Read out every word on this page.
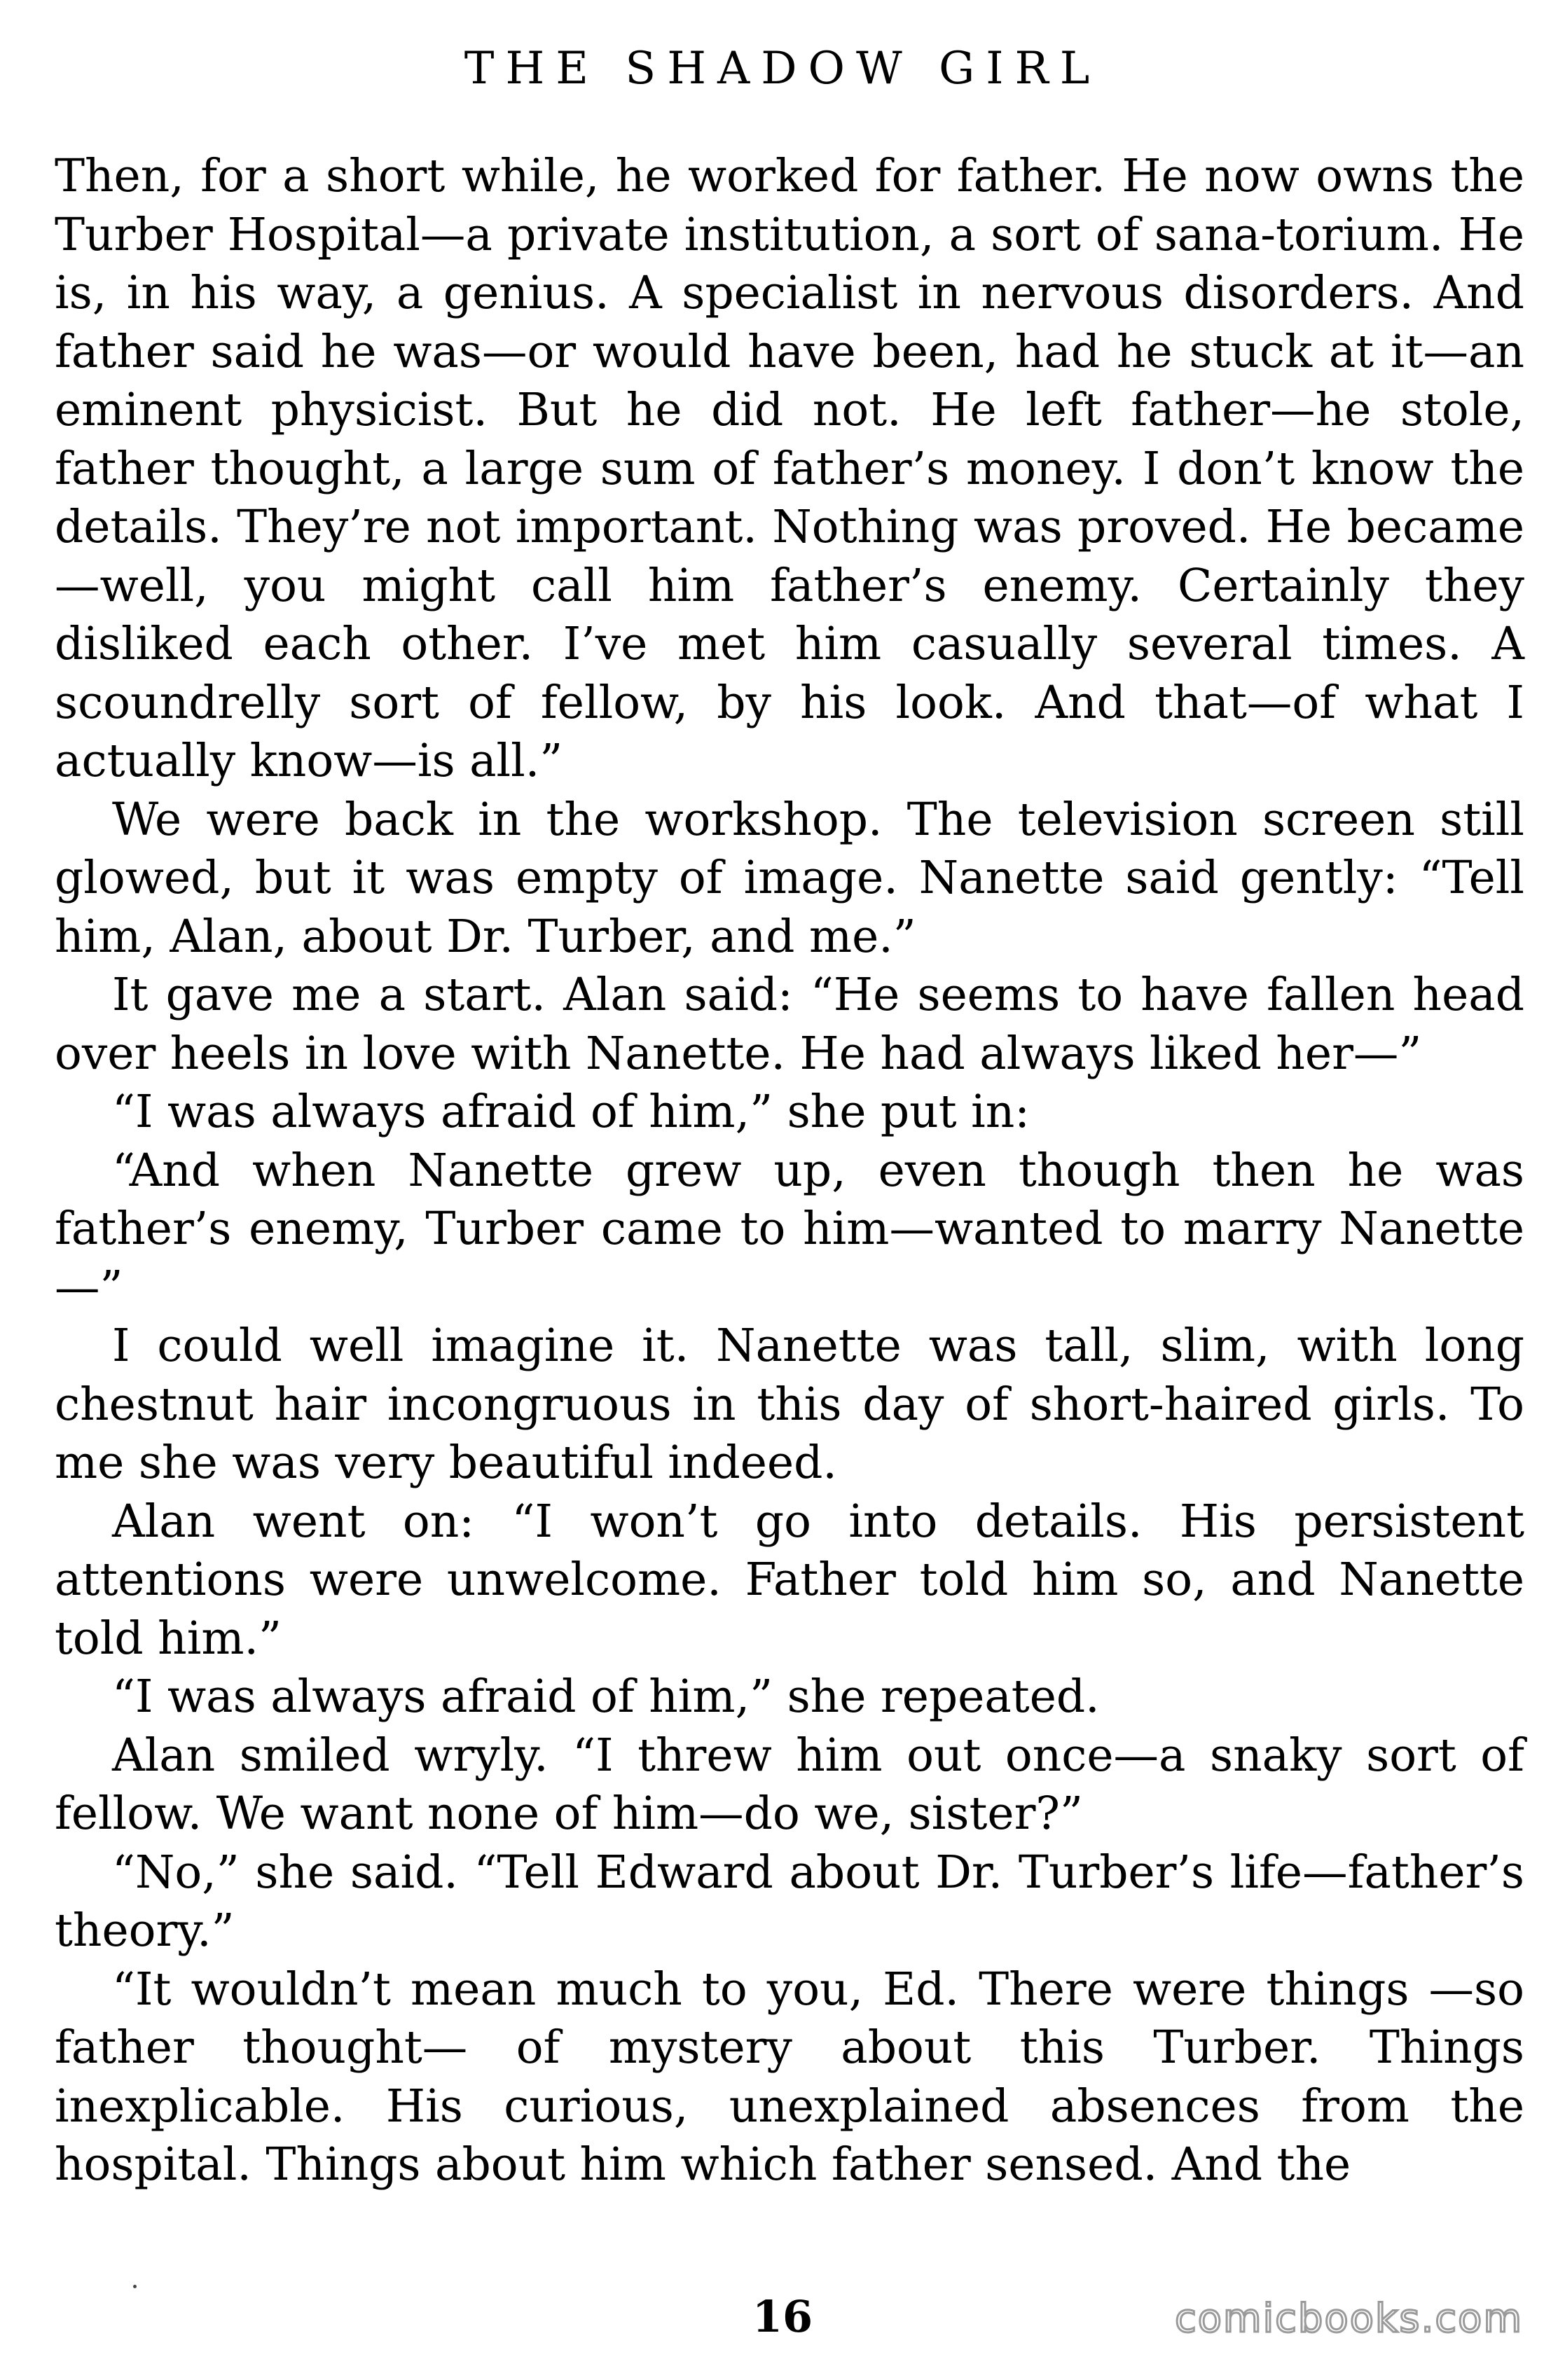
THE SHADOW GIRL

Then, for a short while, he worked for father. He now owns the Turber Hospital—a private institution, a sort of sana-torium. He is, in his way, a genius. A specialist in nervous disorders. And father said he was—or would have been, had he stuck at it—an eminent physicist. But he did not. He left father—he stole, father thought, a large sum of father’s money. I don’t know the details. They’re not important. Nothing was proved. He became—well, you might call him father’s enemy. Certainly they disliked each other. I’ve met him casually several times. A scoundrelly sort of fellow, by his look. And that—of what I actually know—is all.”

We were back in the workshop. The television screen still glowed, but it was empty of image. Nanette said gently: “Tell him, Alan, about Dr. Turber, and me.”

It gave me a start. Alan said: “He seems to have fallen head over heels in love with Nanette. He had always liked her—”

“I was always afraid of him,” she put in:

“And when Nanette grew up, even though then he was father’s enemy, Turber came to him—wanted to marry Nanette—”

I could well imagine it. Nanette was tall, slim, with long chestnut hair incongruous in this day of short-haired girls. To me she was very beautiful indeed.

Alan went on: “I won’t go into details. His persistent attentions were unwelcome. Father told him so, and Nanette told him.”

“I was always afraid of him,” she repeated.

Alan smiled wryly. “I threw him out once—a snaky sort of fellow. We want none of him—do we, sister?”

“No,” she said. “Tell Edward about Dr. Turber’s life—father’s theory.”

“It wouldn’t mean much to you, Ed. There were things —so father thought— of mystery about this Turber. Things inexplicable. His curious, unexplained absences from the hospital. Things about him which father sensed. And the

16	comicbooks.com
